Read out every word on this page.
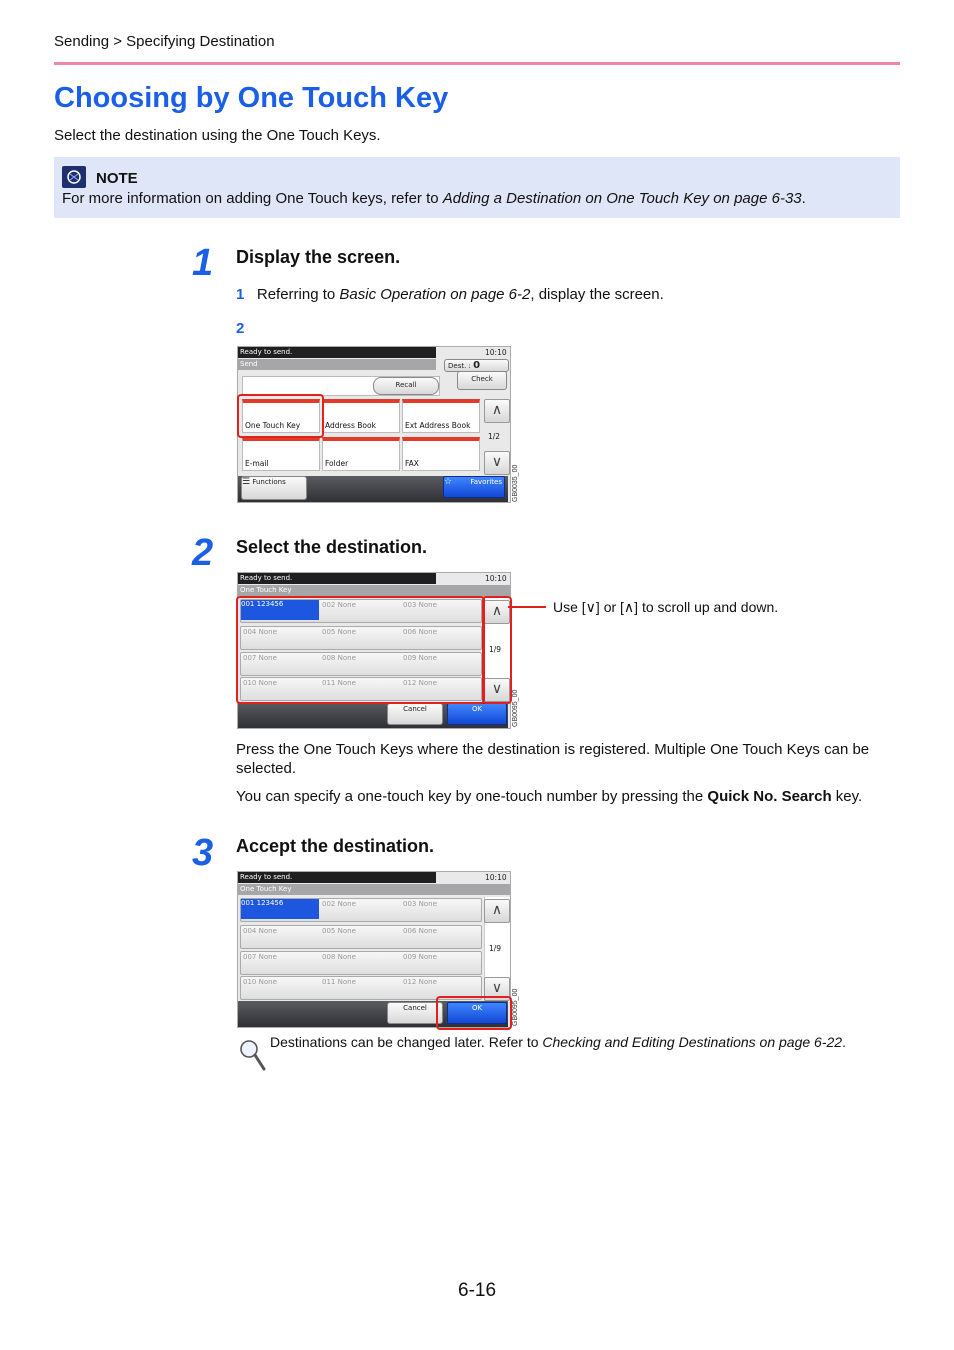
Sending > Specifying Destination
Choosing by One Touch Key
Select the destination using the One Touch Keys.
NOTE
For more information on adding One Touch keys, refer to Adding a Destination on One Touch Key on page 6-33.
1 Display the screen.
1 Referring to Basic Operation on page 6-2, display the screen.
2
Ready to send.	10:10
Send	Dest. : 0
Check
Recall
One Touch Key	Address Book	Ext Address Book
E-mail	Folder	FAX
∧
1/2
∨
☰ Functions	☆	Favorites	GB0035_00
2 Select the destination.
Ready to send.	10:10
One Touch Key
001 123456	002 None	003 None
004 None	005 None	006 None
007 None	008 None	009 None
010 None	011 None	012 None
∧
1/9
∨
Cancel	OK
Use [∨] or [∧] to scroll up and down.
GB0095_00
Press the One Touch Keys where the destination is registered. Multiple One Touch Keys can be selected.
You can specify a one-touch key by one-touch number by pressing the Quick No. Search key.
3 Accept the destination.
Ready to send.	10:10
One Touch Key
001 123456	002 None	003 None
004 None	005 None	006 None
007 None	008 None	009 None
010 None	011 None	012 None
∧
1/9
∨
Cancel	OK	GB0095_00
Destinations can be changed later. Refer to Checking and Editing Destinations on page 6-22.
6-16
